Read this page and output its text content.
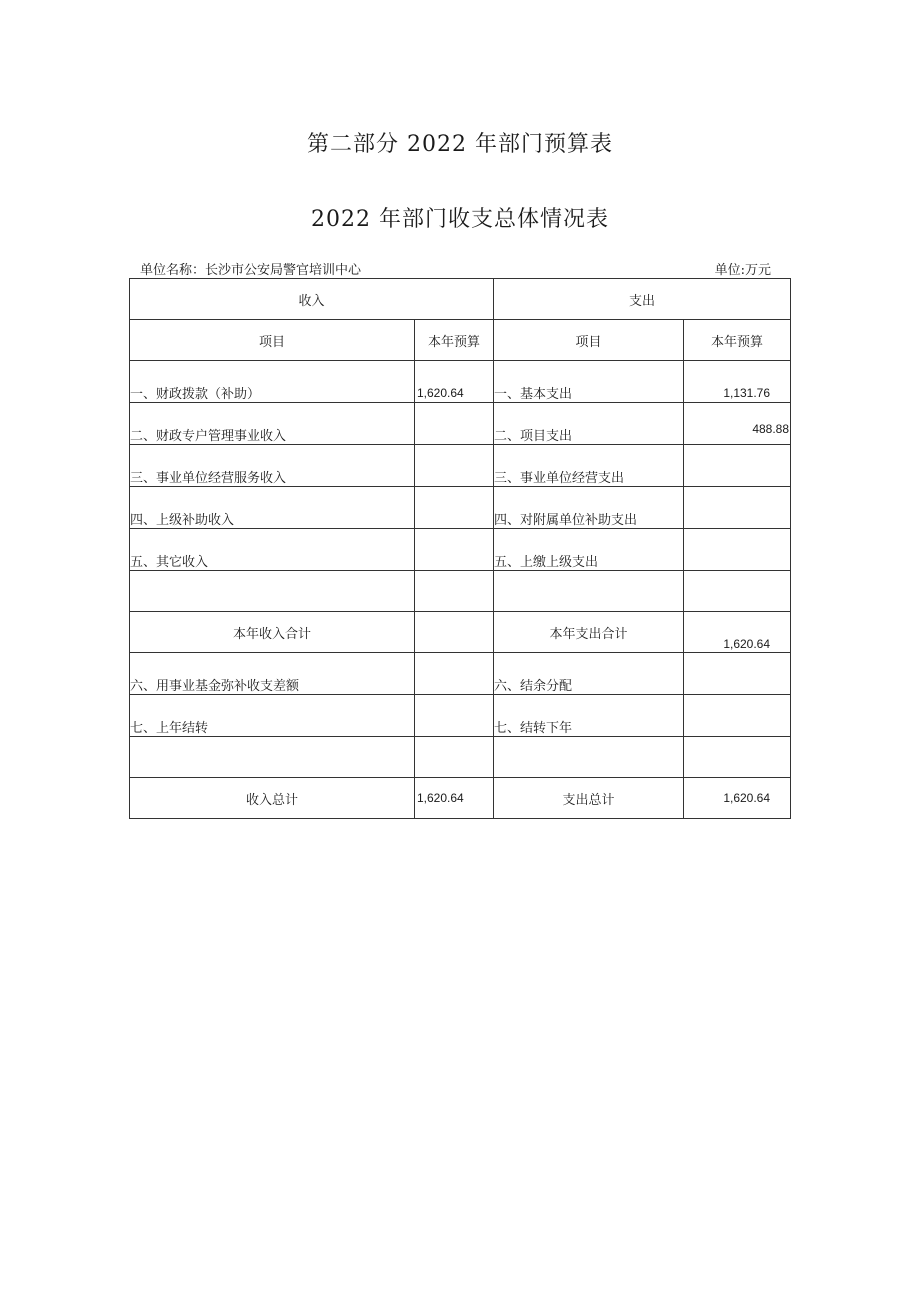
第二部分 2022 年部门预算表
2022 年部门收支总体情况表
单位名称：长沙市公安局警官培训中心	单位:万元
收入		支出	
项目	本年预算	项目	本年预算
一、财政拨款（补助）	1,620.64	一、基本支出	1,131.76
二、财政专户管理事业收入		二、项目支出	488.88
三、事业单位经营服务收入		三、事业单位经营支出	
四、上级补助收入		四、对附属单位补助支出	
五、其它收入		五、上缴上级支出	

本年收入合计		本年支出合计	1,620.64
六、用事业基金弥补收支差额		六、结余分配	
七、上年结转		七、结转下年	

收入总计	1,620.64	支出总计	1,620.64
